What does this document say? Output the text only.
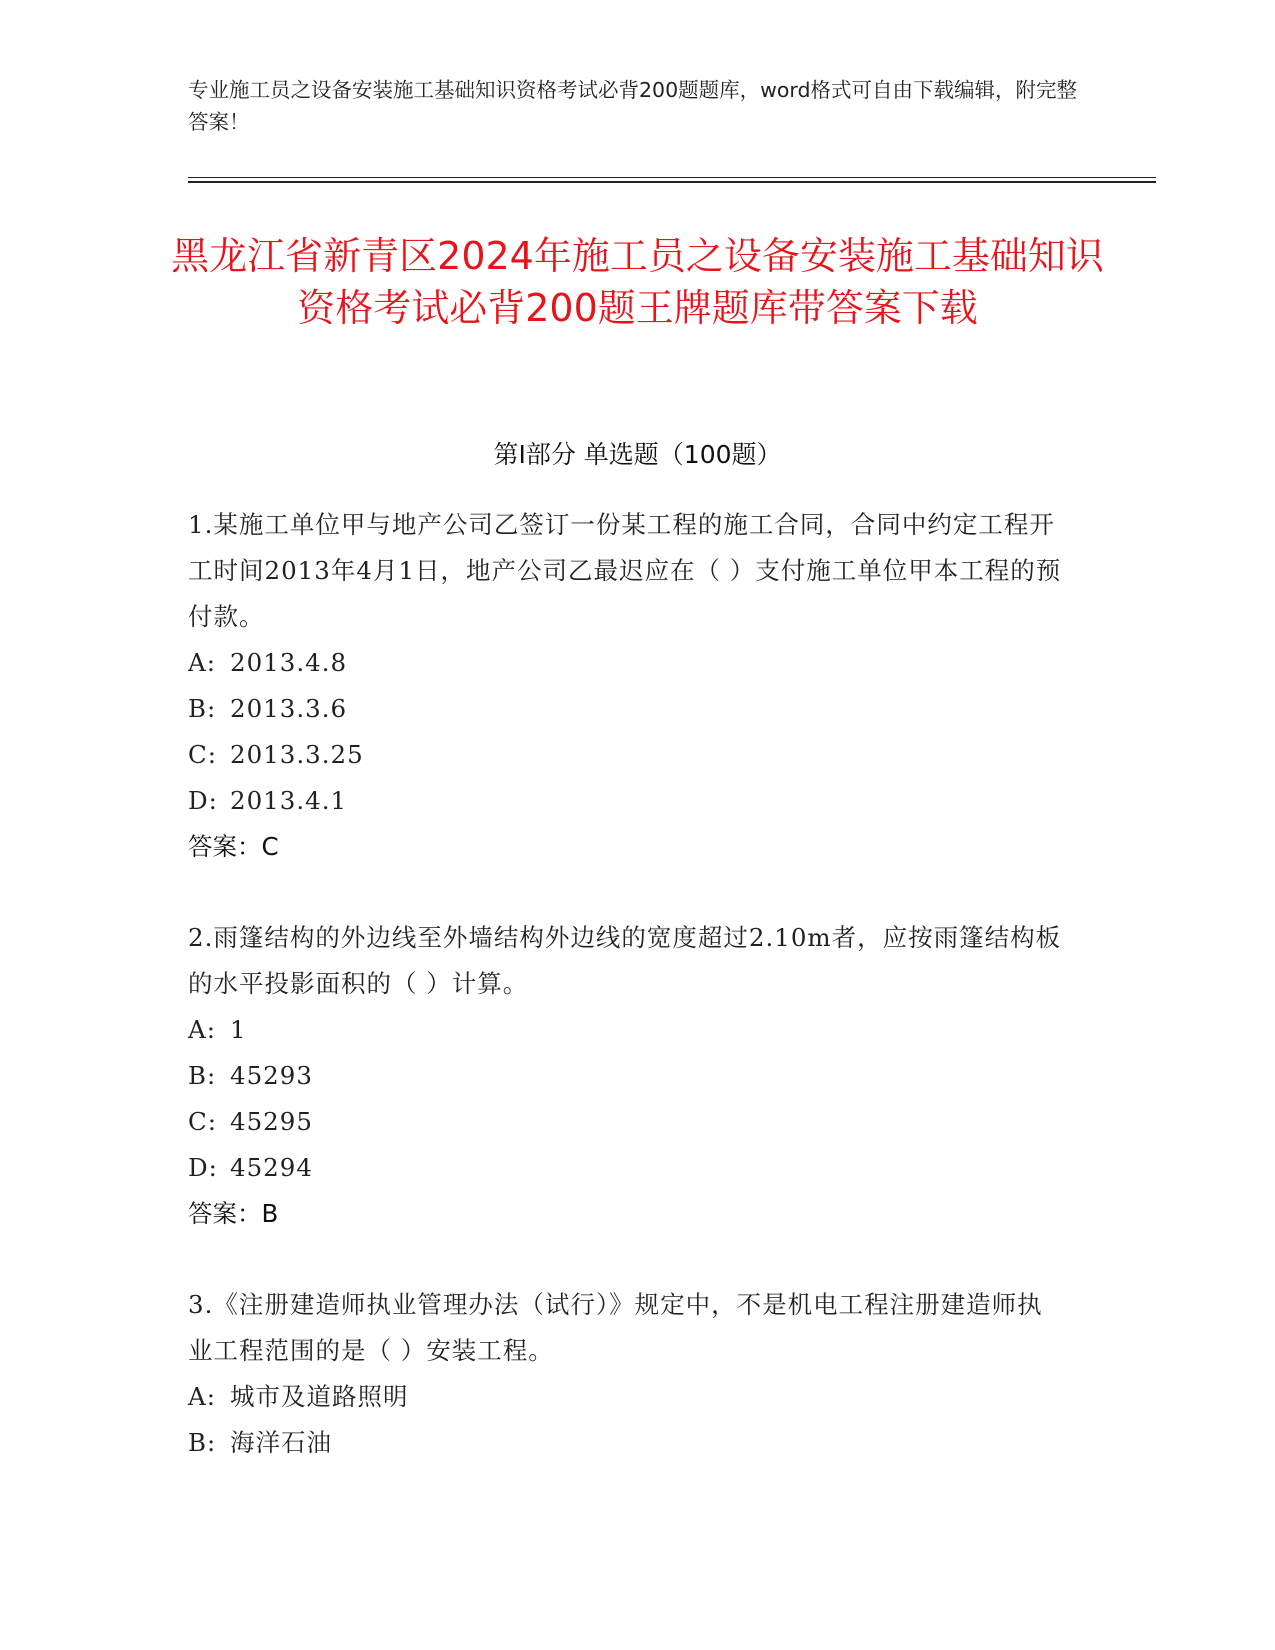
专业施工员之设备安装施工基础知识资格考试必背200题题库，word格式可自由下载编辑，附完整答案！
黑龙江省新青区2024年施工员之设备安装施工基础知识资格考试必背200题王牌题库带答案下载
第I部分 单选题（100题）
1.某施工单位甲与地产公司乙签订一份某工程的施工合同，合同中约定工程开工时间2013年4月1日，地产公司乙最迟应在（ ）支付施工单位甲本工程的预付款。
A: 2013.4.8
B: 2013.3.6
C: 2013.3.25
D: 2013.4.1
答案：C
2.雨篷结构的外边线至外墙结构外边线的宽度超过2.10m者，应按雨篷结构板的水平投影面积的（ ）计算。
A: 1
B: 45293
C: 45295
D: 45294
答案：B
3.《注册建造师执业管理办法（试行）》规定中，不是机电工程注册建造师执业工程范围的是（ ）安装工程。
A: 城市及道路照明
B: 海洋石油
